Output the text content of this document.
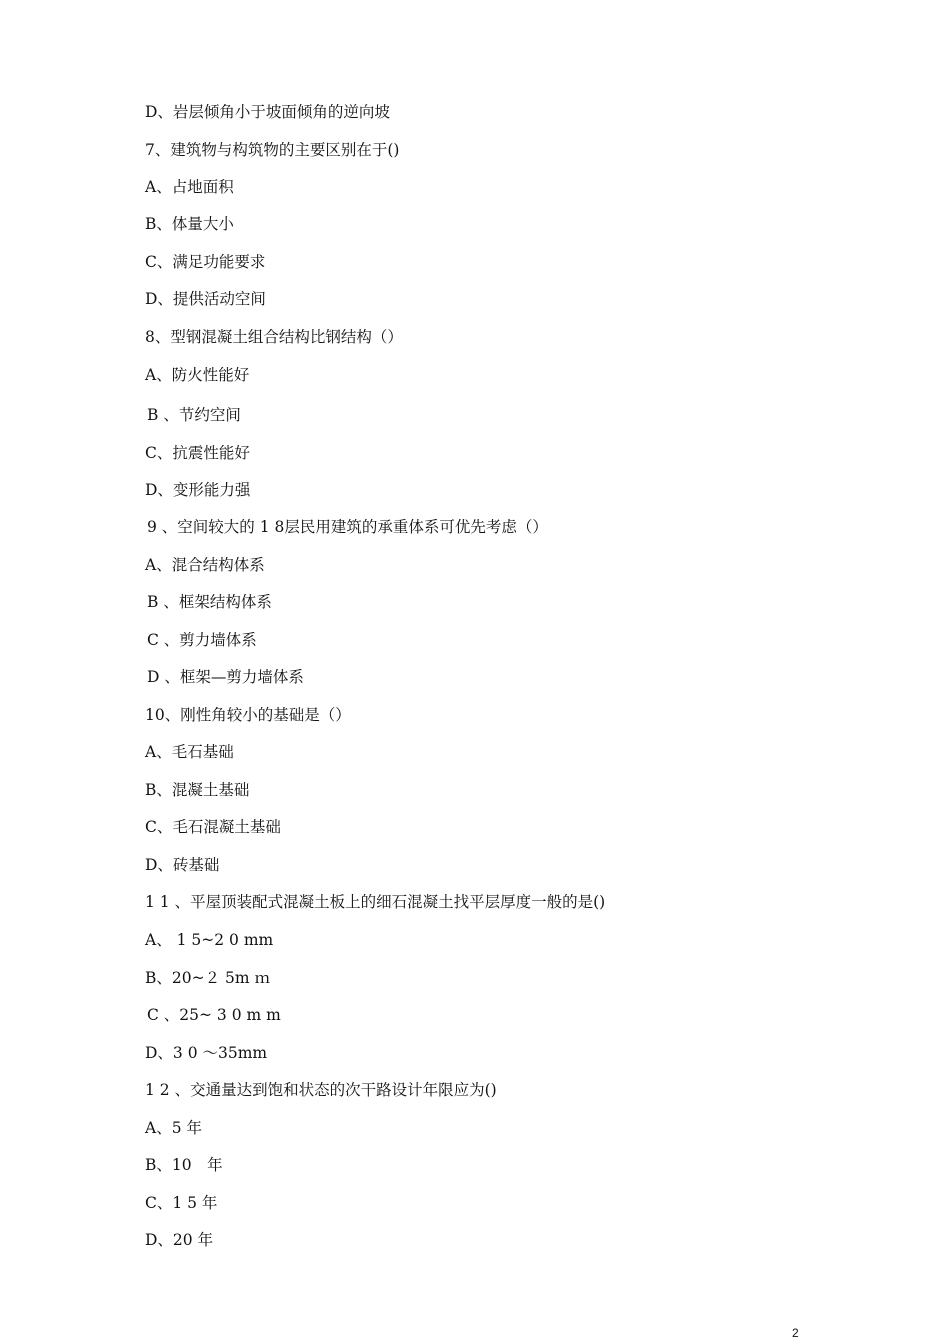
D、岩层倾角小于坡面倾角的逆向坡
7、建筑物与构筑物的主要区别在于()
A、占地面积
B、体量大小
C、满足功能要求
D、提供活动空间
8、型钢混凝土组合结构比钢结构（）
A、防火性能好
B 、节约空间
C、抗震性能好
D、变形能力强
9 、空间较大的 1 8层民用建筑的承重体系可优先考虑（）
A、混合结构体系
B 、框架结构体系
C 、剪力墙体系
D 、框架—剪力墙体系
10、刚性角较小的基础是（）
A、毛石基础
B、混凝土基础
C、毛石混凝土基础
D、砖基础
1 1 、平屋顶装配式混凝土板上的细石混凝土找平层厚度一般的是()
A、 1 5~2 0 mm
B、20~２ 5m ｍ
C 、25~ 3 0 m m
D、3 0 ～35mm
1 2 、交通量达到饱和状态的次干路设计年限应为()
A、5 年
B、10　年
C、1 5 年
D、20 年
2
